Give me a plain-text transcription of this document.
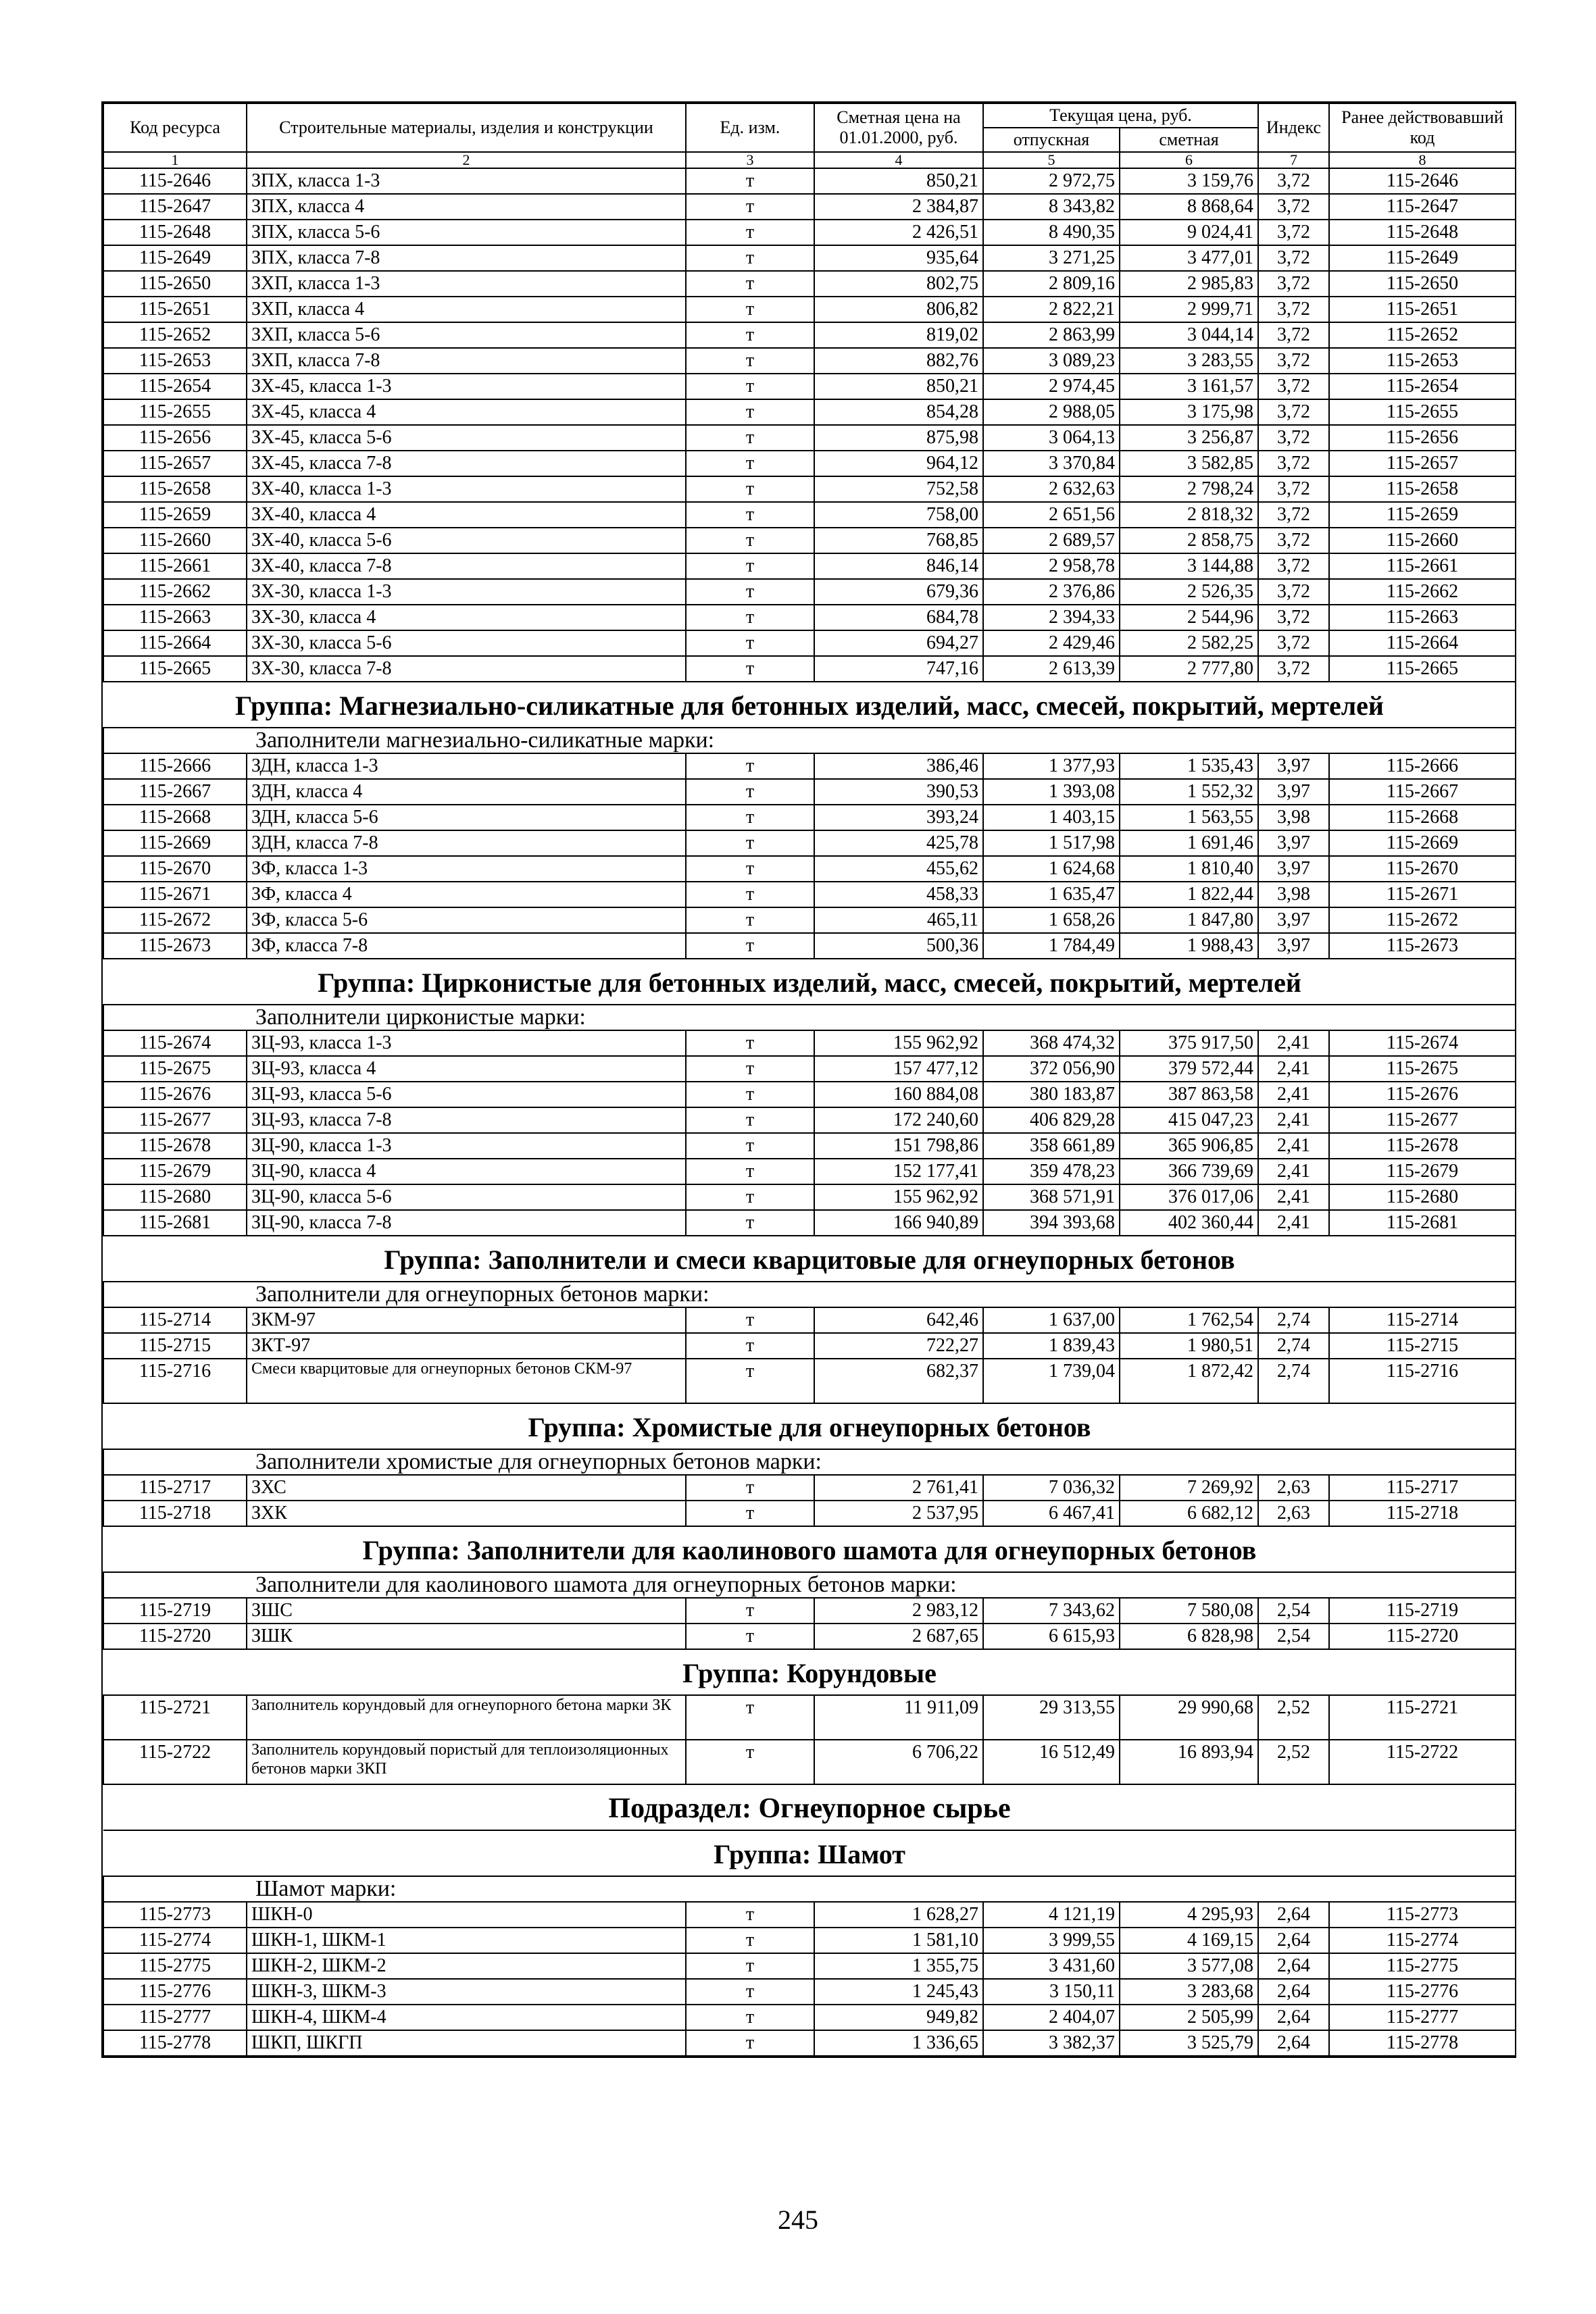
Код ресурса	Строительные материалы, изделия и конструкции	Ед. изм.	Сметная цена на 01.01.2000, руб.	Текущая цена, руб.		Индекс	Ранее действовавший код
				отпускная	сметная		
1	2	3	4	5	6	7	8
115-2646	ЗПХ, класса 1-3	т	850,21	2 972,75	3 159,76	3,72	115-2646
115-2647	ЗПХ, класса 4	т	2 384,87	8 343,82	8 868,64	3,72	115-2647
115-2648	ЗПХ, класса 5-6	т	2 426,51	8 490,35	9 024,41	3,72	115-2648
115-2649	ЗПХ, класса 7-8	т	935,64	3 271,25	3 477,01	3,72	115-2649
115-2650	ЗХП, класса 1-3	т	802,75	2 809,16	2 985,83	3,72	115-2650
115-2651	ЗХП, класса 4	т	806,82	2 822,21	2 999,71	3,72	115-2651
115-2652	ЗХП, класса 5-6	т	819,02	2 863,99	3 044,14	3,72	115-2652
115-2653	ЗХП, класса 7-8	т	882,76	3 089,23	3 283,55	3,72	115-2653
115-2654	ЗХ-45, класса 1-3	т	850,21	2 974,45	3 161,57	3,72	115-2654
115-2655	ЗХ-45, класса 4	т	854,28	2 988,05	3 175,98	3,72	115-2655
115-2656	ЗХ-45, класса 5-6	т	875,98	3 064,13	3 256,87	3,72	115-2656
115-2657	ЗХ-45, класса 7-8	т	964,12	3 370,84	3 582,85	3,72	115-2657
115-2658	ЗХ-40, класса 1-3	т	752,58	2 632,63	2 798,24	3,72	115-2658
115-2659	ЗХ-40, класса 4	т	758,00	2 651,56	2 818,32	3,72	115-2659
115-2660	ЗХ-40, класса 5-6	т	768,85	2 689,57	2 858,75	3,72	115-2660
115-2661	ЗХ-40, класса 7-8	т	846,14	2 958,78	3 144,88	3,72	115-2661
115-2662	ЗХ-30, класса 1-3	т	679,36	2 376,86	2 526,35	3,72	115-2662
115-2663	ЗХ-30, класса 4	т	684,78	2 394,33	2 544,96	3,72	115-2663
115-2664	ЗХ-30, класса 5-6	т	694,27	2 429,46	2 582,25	3,72	115-2664
115-2665	ЗХ-30, класса 7-8	т	747,16	2 613,39	2 777,80	3,72	115-2665
Группа: Магнезиально-силикатные для бетонных изделий, масс, смесей, покрытий, мертелей							
Заполнители магнезиально-силикатные марки:							
115-2666	ЗДН, класса 1-3	т	386,46	1 377,93	1 535,43	3,97	115-2666
115-2667	ЗДН, класса 4	т	390,53	1 393,08	1 552,32	3,97	115-2667
115-2668	ЗДН, класса 5-6	т	393,24	1 403,15	1 563,55	3,98	115-2668
115-2669	ЗДН, класса 7-8	т	425,78	1 517,98	1 691,46	3,97	115-2669
115-2670	ЗФ, класса 1-3	т	455,62	1 624,68	1 810,40	3,97	115-2670
115-2671	ЗФ, класса 4	т	458,33	1 635,47	1 822,44	3,98	115-2671
115-2672	ЗФ, класса 5-6	т	465,11	1 658,26	1 847,80	3,97	115-2672
115-2673	ЗФ, класса 7-8	т	500,36	1 784,49	1 988,43	3,97	115-2673
Группа: Цирконистые для бетонных изделий, масс, смесей, покрытий, мертелей							
Заполнители цирконистые марки:							
115-2674	ЗЦ-93, класса 1-3	т	155 962,92	368 474,32	375 917,50	2,41	115-2674
115-2675	ЗЦ-93, класса 4	т	157 477,12	372 056,90	379 572,44	2,41	115-2675
115-2676	ЗЦ-93, класса 5-6	т	160 884,08	380 183,87	387 863,58	2,41	115-2676
115-2677	ЗЦ-93, класса 7-8	т	172 240,60	406 829,28	415 047,23	2,41	115-2677
115-2678	ЗЦ-90, класса 1-3	т	151 798,86	358 661,89	365 906,85	2,41	115-2678
115-2679	ЗЦ-90, класса 4	т	152 177,41	359 478,23	366 739,69	2,41	115-2679
115-2680	ЗЦ-90, класса 5-6	т	155 962,92	368 571,91	376 017,06	2,41	115-2680
115-2681	ЗЦ-90, класса 7-8	т	166 940,89	394 393,68	402 360,44	2,41	115-2681
Группа: Заполнители и смеси кварцитовые для огнеупорных бетонов							
Заполнители для огнеупорных бетонов марки:							
115-2714	ЗКМ-97	т	642,46	1 637,00	1 762,54	2,74	115-2714
115-2715	ЗКТ-97	т	722,27	1 839,43	1 980,51	2,74	115-2715
115-2716	Смеси кварцитовые для огнеупорных бетонов СКМ-97	т	682,37	1 739,04	1 872,42	2,74	115-2716
Группа: Хромистые для огнеупорных бетонов							
Заполнители хромистые для огнеупорных бетонов марки:							
115-2717	ЗХС	т	2 761,41	7 036,32	7 269,92	2,63	115-2717
115-2718	ЗХК	т	2 537,95	6 467,41	6 682,12	2,63	115-2718
Группа: Заполнители для каолинового шамота для огнеупорных бетонов							
Заполнители для каолинового шамота для огнеупорных бетонов марки:							
115-2719	ЗШС	т	2 983,12	7 343,62	7 580,08	2,54	115-2719
115-2720	ЗШК	т	2 687,65	6 615,93	6 828,98	2,54	115-2720
Группа: Корундовые							
115-2721	Заполнитель корундовый для огнеупорного бетона марки ЗК	т	11 911,09	29 313,55	29 990,68	2,52	115-2721
115-2722	Заполнитель корундовый пористый для теплоизоляционных бетонов марки ЗКП	т	6 706,22	16 512,49	16 893,94	2,52	115-2722
Подраздел: Огнеупорное сырье							
Группа: Шамот							
Шамот марки:							
115-2773	ШКН-0	т	1 628,27	4 121,19	4 295,93	2,64	115-2773
115-2774	ШКН-1, ШКМ-1	т	1 581,10	3 999,55	4 169,15	2,64	115-2774
115-2775	ШКН-2, ШКМ-2	т	1 355,75	3 431,60	3 577,08	2,64	115-2775
115-2776	ШКН-3, ШКМ-3	т	1 245,43	3 150,11	3 283,68	2,64	115-2776
115-2777	ШКН-4, ШКМ-4	т	949,82	2 404,07	2 505,99	2,64	115-2777
115-2778	ШКП, ШКГП	т	1 336,65	3 382,37	3 525,79	2,64	115-2778
245
